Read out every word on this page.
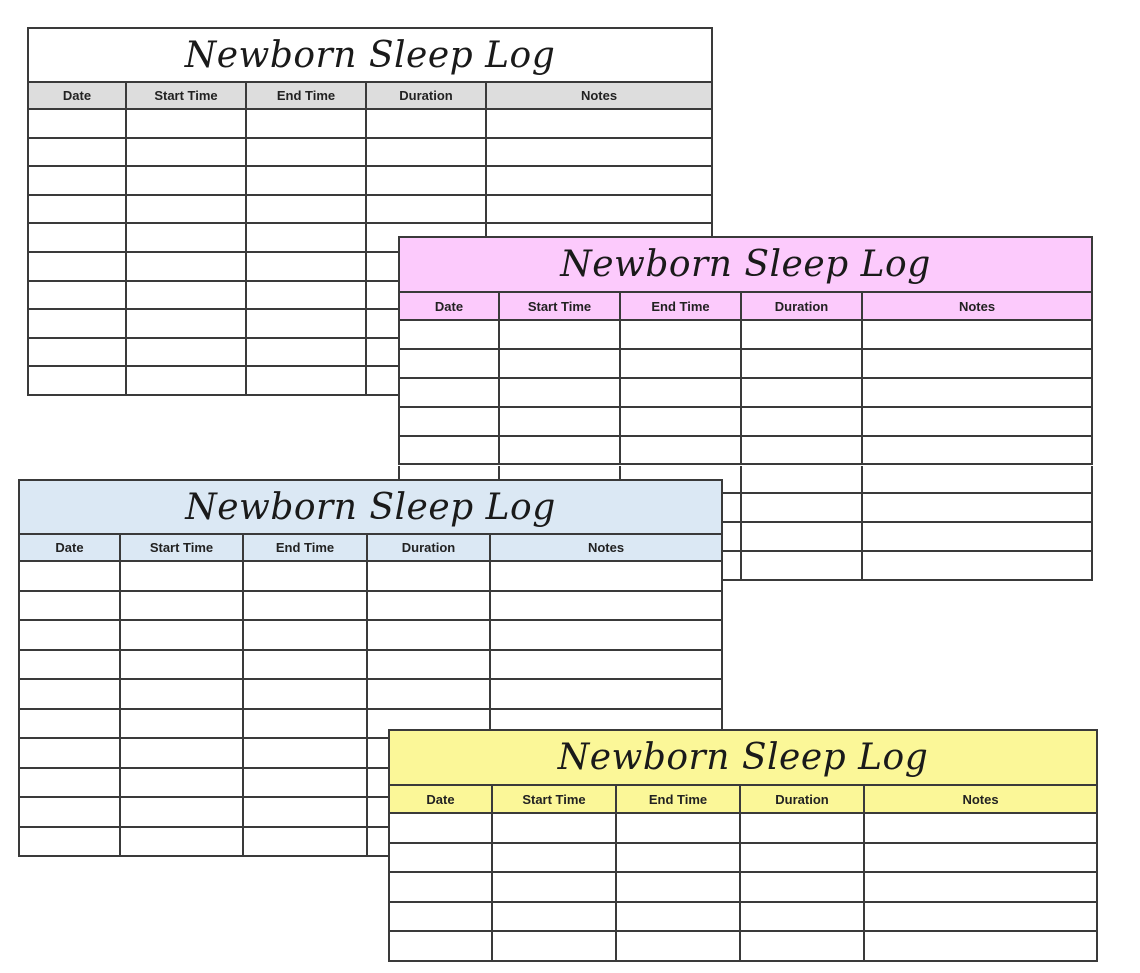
Newborn Sleep Log
Date	Start Time	End Time	Duration	Notes
Newborn Sleep Log
Date	Start Time	End Time	Duration	Notes
Newborn Sleep Log
Date	Start Time	End Time	Duration	Notes
Newborn Sleep Log
Date	Start Time	End Time	Duration	Notes
